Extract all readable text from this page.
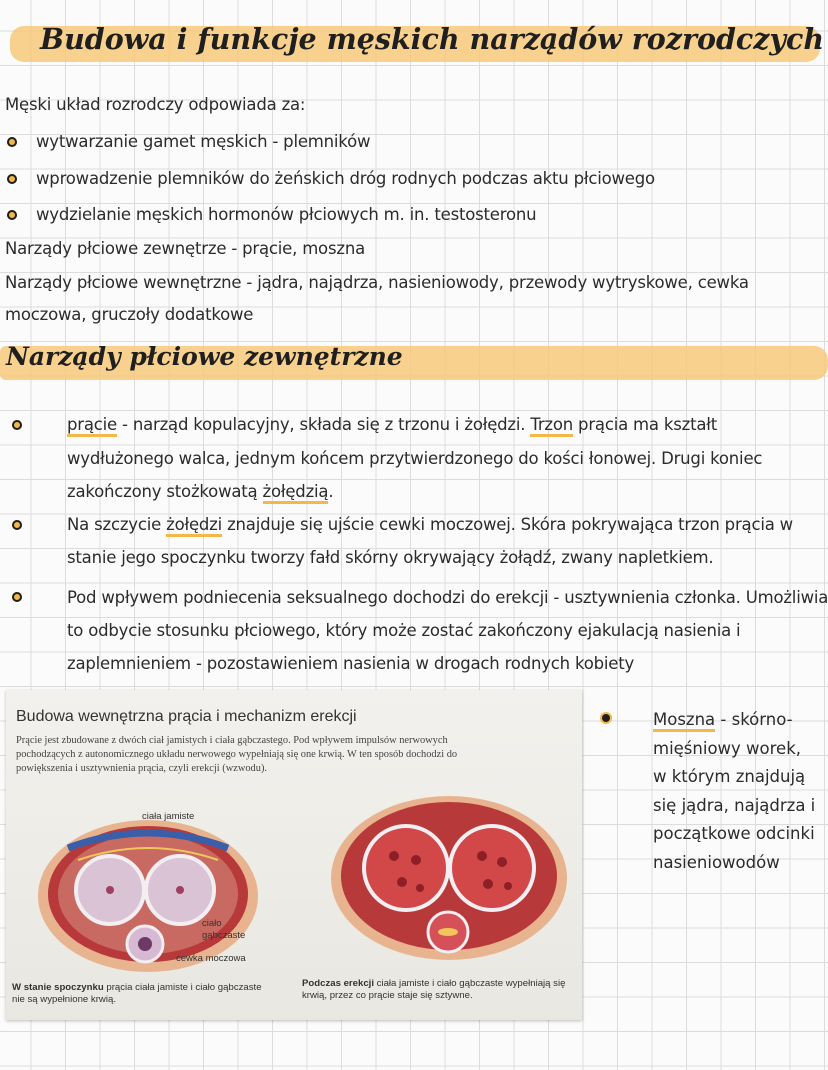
Budowa i funkcje męskich narządów rozrodczych
Męski układ rozrodczy odpowiada za:
wytwarzanie gamet męskich - plemników
wprowadzenie plemników do żeńskich dróg rodnych podczas aktu płciowego
wydzielanie męskich hormonów płciowych m. in. testosteronu
Narządy płciowe zewnętrze - prącie, moszna
Narządy płciowe wewnętrzne - jądra, najądrza, nasieniowody, przewody wytryskowe, cewka
moczowa, gruczoły dodatkowe
Narządy płciowe zewnętrzne
prącie - narząd kopulacyjny, składa się z trzonu i żołędzi. Trzon prącia ma kształt
wydłużonego walca, jednym końcem przytwierdzonego do kości łonowej. Drugi koniec
zakończony stożkowatą żołędzią.
Na szczycie żołędzi znajduje się ujście cewki moczowej. Skóra pokrywająca trzon prącia w
stanie jego spoczynku tworzy fałd skórny okrywający żołądź, zwany napletkiem.
Pod wpływem podniecenia seksualnego dochodzi do erekcji - usztywnienia członka. Umożliwia
to odbycie stosunku płciowego, który może zostać zakończony ejakulacją nasienia i
zaplemnieniem - pozostawieniem nasienia w drogach rodnych kobiety
Budowa wewnętrzna prącia i mechanizm erekcji
Prącie jest zbudowane z dwóch ciał jamistych i ciała gąbczastego. Pod wpływem impulsów nerwowych pochodzących z autonomicznego układu nerwowego wypełniają się one krwią. W ten sposób dochodzi do powiększenia i usztywnienia prącia, czyli erekcji (wzwodu).
ciała jamiste
ciało
gąbczaste
cewka moczowa
W stanie spoczynku prącia ciała jamiste i ciało gąbczaste nie są wypełnione krwią.
Podczas erekcji ciała jamiste i ciało gąbczaste wypełniają się krwią, przez co prącie staje się sztywne.
Moszna - skórno-
mięśniowy worek,
w którym znajdują
się jądra, najądrza i
początkowe odcinki
nasieniowodów
